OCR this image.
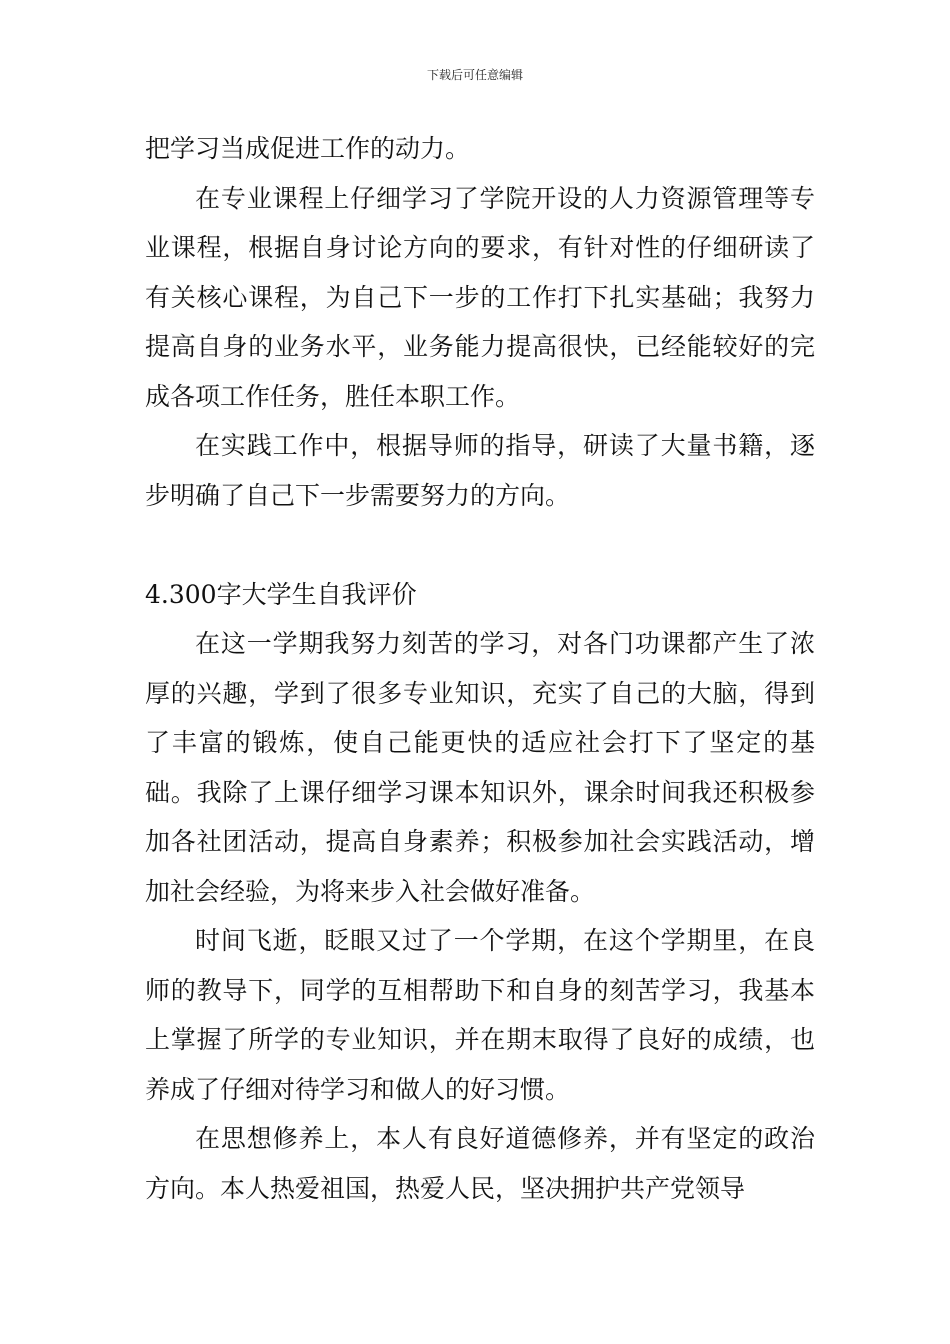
下载后可任意编辑

把学习当成促进工作的动力。

在专业课程上仔细学习了学院开设的人力资源管理等专业课程，根据自身讨论方向的要求，有针对性的仔细研读了有关核心课程，为自己下一步的工作打下扎实基础；我努力提高自身的业务水平，业务能力提高很快，已经能较好的完成各项工作任务，胜任本职工作。

在实践工作中，根据导师的指导，研读了大量书籍，逐步明确了自己下一步需要努力的方向。

4.300字大学生自我评价

在这一学期我努力刻苦的学习，对各门功课都产生了浓厚的兴趣，学到了很多专业知识，充实了自己的大脑，得到了丰富的锻炼，使自己能更快的适应社会打下了坚定的基础。我除了上课仔细学习课本知识外，课余时间我还积极参加各社团活动，提高自身素养；积极参加社会实践活动，增加社会经验，为将来步入社会做好准备。

时间飞逝，眨眼又过了一个学期，在这个学期里，在良师的教导下，同学的互相帮助下和自身的刻苦学习，我基本上掌握了所学的专业知识，并在期末取得了良好的成绩，也养成了仔细对待学习和做人的好习惯。

在思想修养上，本人有良好道德修养，并有坚定的政治方向。本人热爱祖国，热爱人民，坚决拥护共产党领导
